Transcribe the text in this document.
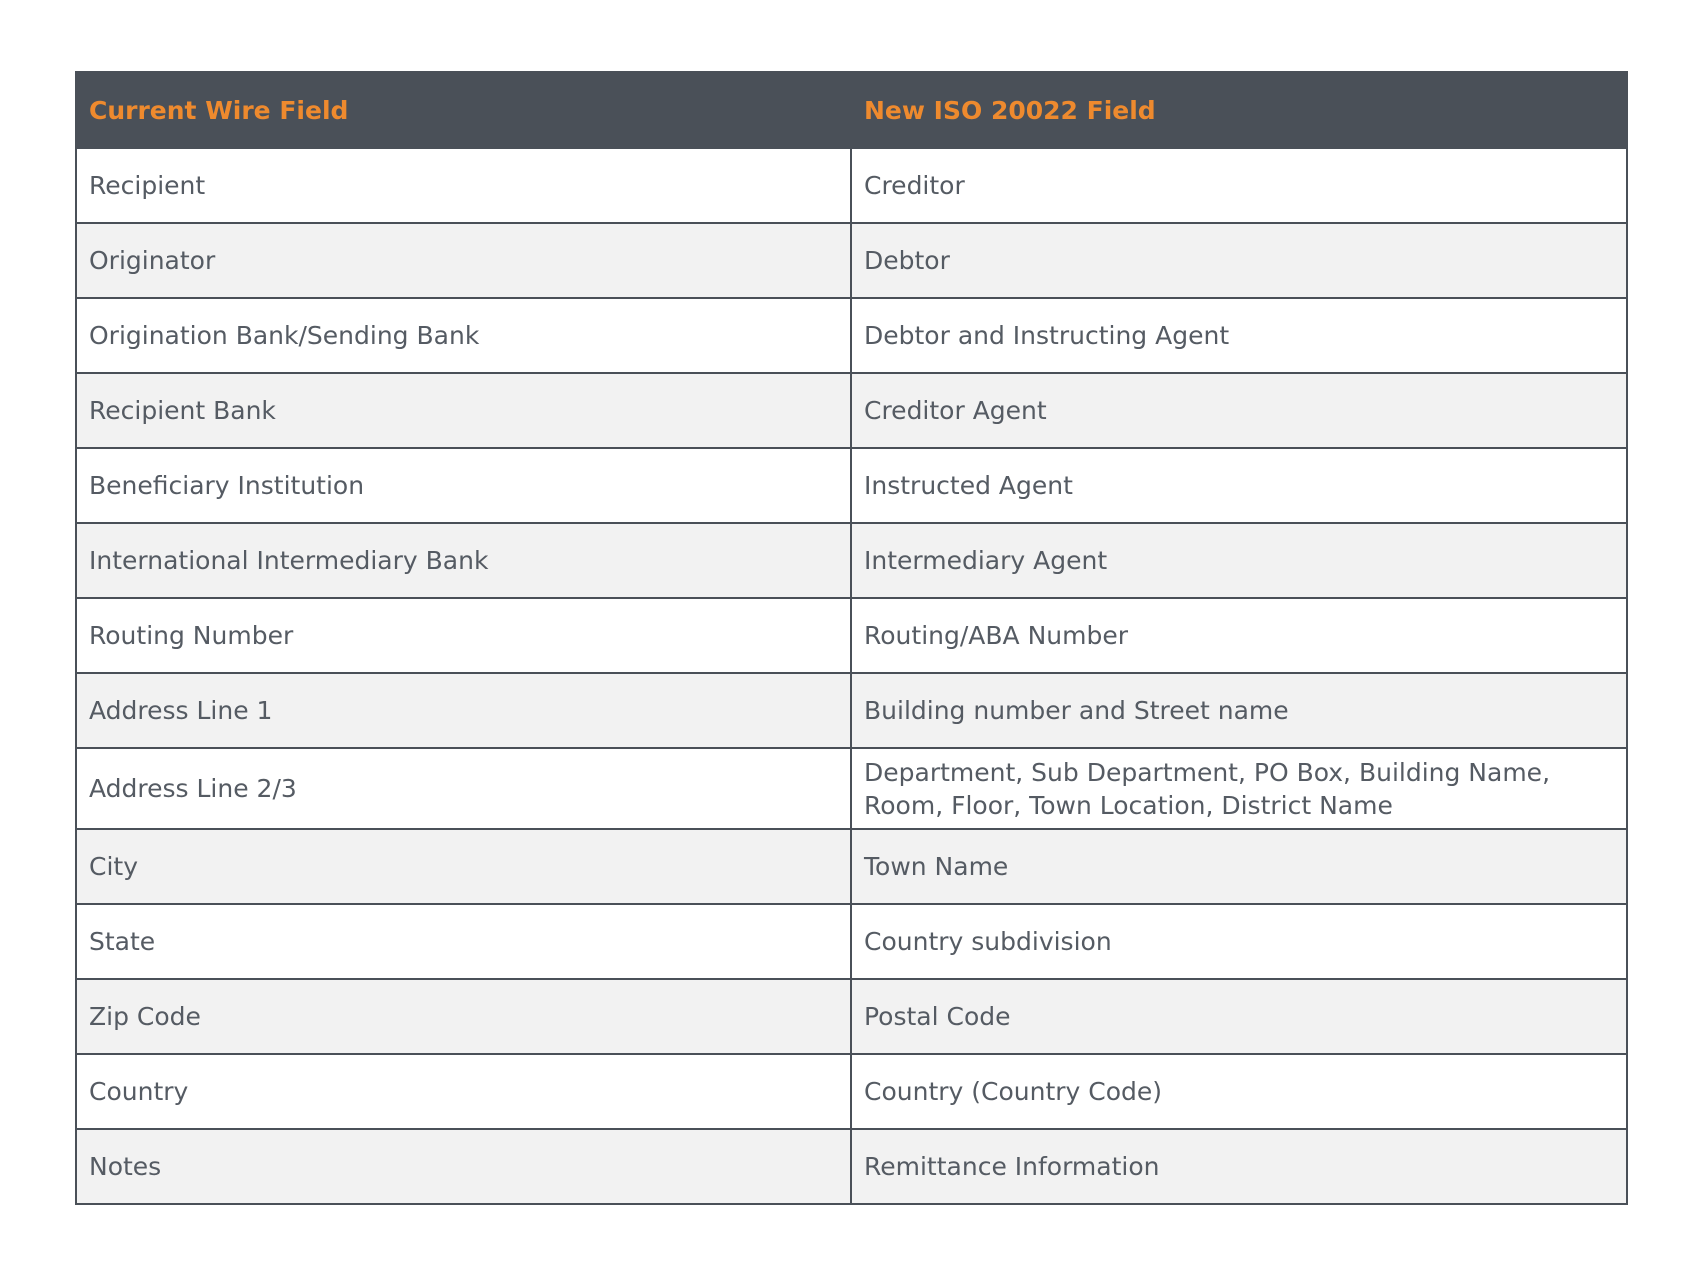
Current Wire Field	New ISO 20022 Field
Recipient	Creditor
Originator	Debtor
Origination Bank/Sending Bank	Debtor and Instructing Agent
Recipient Bank	Creditor Agent
Beneficiary Institution	Instructed Agent
International Intermediary Bank	Intermediary Agent
Routing Number	Routing/ABA Number
Address Line 1	Building number and Street name
Address Line 2/3	Department, Sub Department, PO Box, Building Name, Room, Floor, Town Location, District Name
City	Town Name
State	Country subdivision
Zip Code	Postal Code
Country	Country (Country Code)
Notes	Remittance Information
